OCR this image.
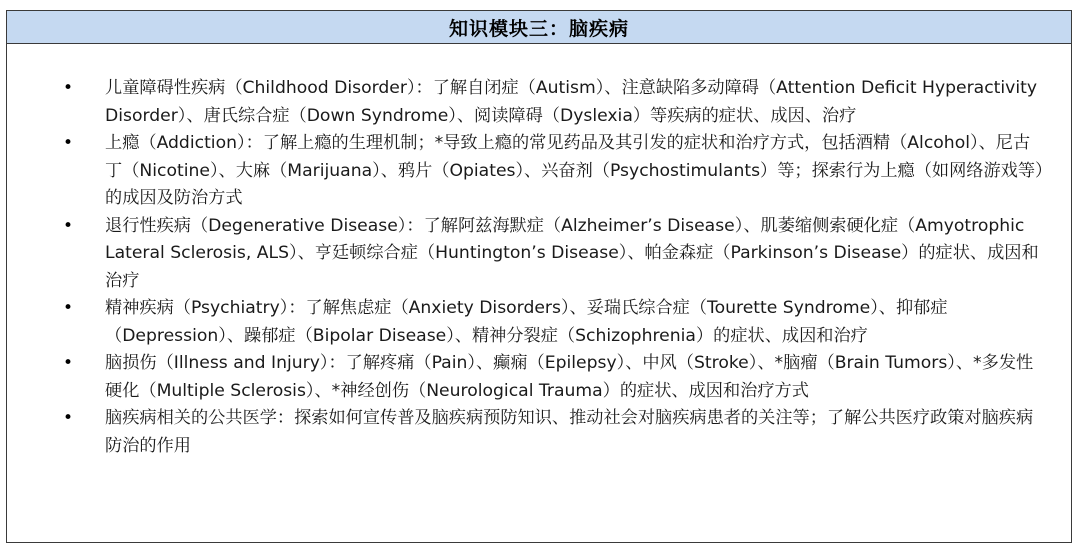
知识模块三：脑疾病
• 儿童障碍性疾病（Childhood Disorder）：了解自闭症（Autism）、注意缺陷多动障碍（Attention Deficit Hyperactivity Disorder）、唐氏综合症（Down Syndrome）、阅读障碍（Dyslexia）等疾病的症状、成因、治疗
• 上瘾（Addiction）：了解上瘾的生理机制；*导致上瘾的常见药品及其引发的症状和治疗方式，包括酒精（Alcohol）、尼古丁（Nicotine）、大麻（Marijuana）、鸦片（Opiates）、兴奋剂（Psychostimulants）等；探索行为上瘾（如网络游戏等）的成因及防治方式
• 退行性疾病（Degenerative Disease）：了解阿兹海默症（Alzheimer’s Disease）、肌萎缩侧索硬化症（Amyotrophic Lateral Sclerosis, ALS）、亨廷顿综合症（Huntington’s Disease）、帕金森症（Parkinson’s Disease）的症状、成因和治疗
• 精神疾病（Psychiatry）：了解焦虑症（Anxiety Disorders）、妥瑞氏综合症（Tourette Syndrome）、抑郁症（Depression）、躁郁症（Bipolar Disease）、精神分裂症（Schizophrenia）的症状、成因和治疗
• 脑损伤（Illness and Injury）：了解疼痛（Pain）、癫痫（Epilepsy）、中风（Stroke）、*脑瘤（Brain Tumors）、*多发性硬化（Multiple Sclerosis）、*神经创伤（Neurological Trauma）的症状、成因和治疗方式
• 脑疾病相关的公共医学：探索如何宣传普及脑疾病预防知识、推动社会对脑疾病患者的关注等；了解公共医疗政策对脑疾病防治的作用
